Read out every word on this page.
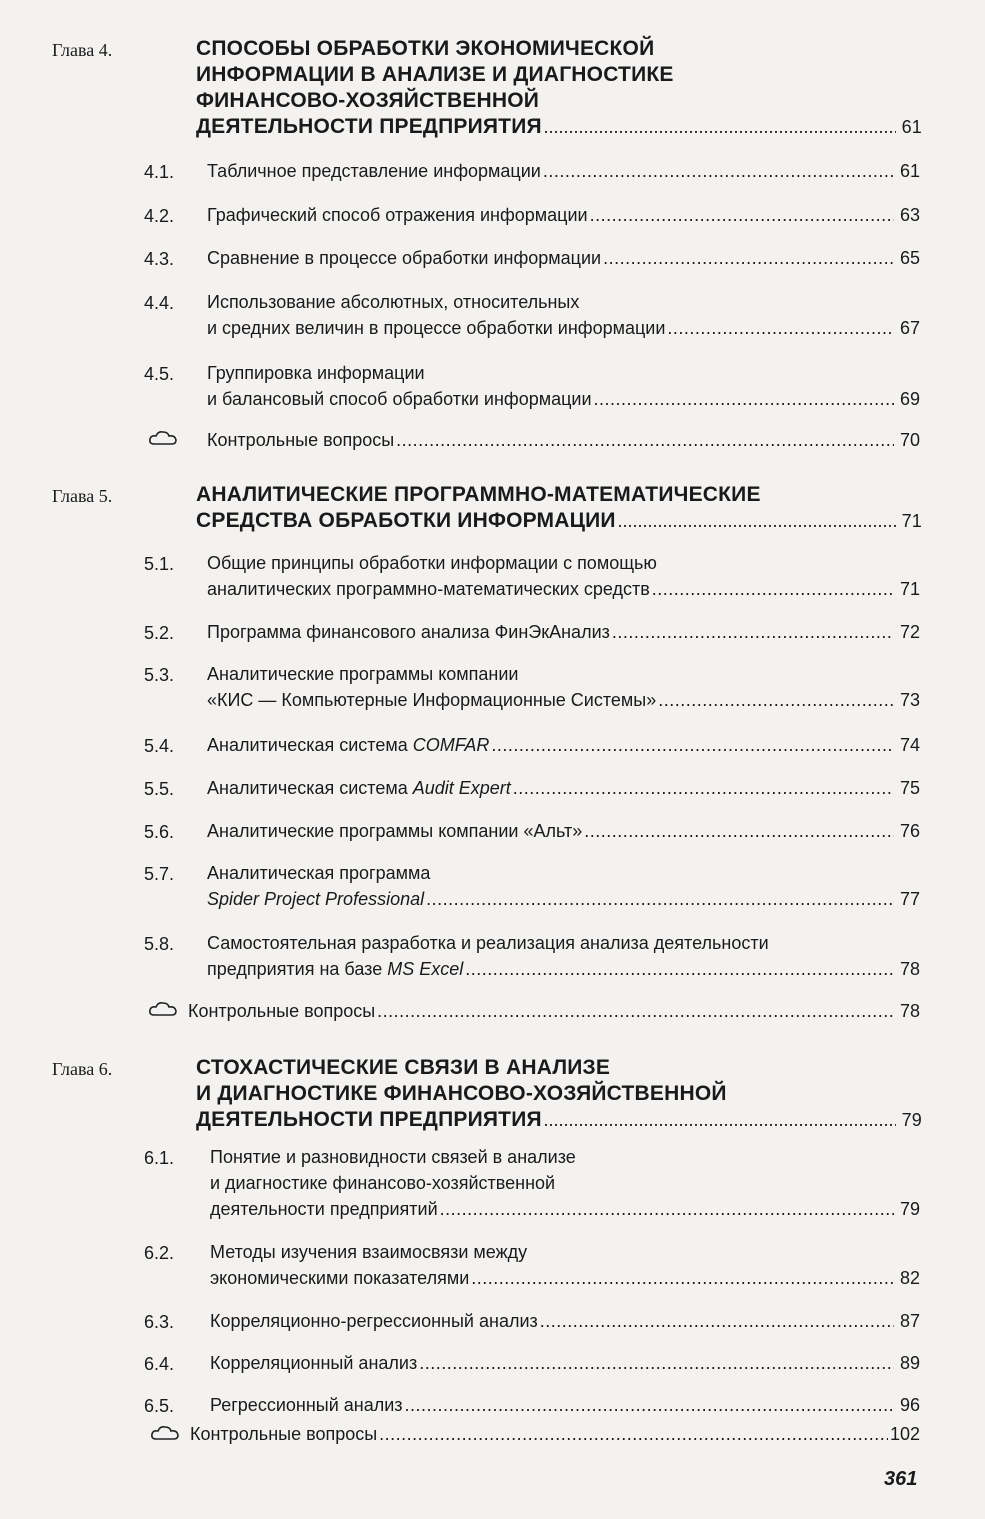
Глава 4.	СПОСОБЫ ОБРАБОТКИ ЭКОНОМИЧЕСКОЙ
ИНФОРМАЦИИ В АНАЛИЗЕ И ДИАГНОСТИКЕ
ФИНАНСОВО-ХОЗЯЙСТВЕННОЙ
ДЕЯТЕЛЬНОСТИ ПРЕДПРИЯТИЯ .....	61
4.1. Табличное представление информации .....	61
4.2. Графический способ отражения информации .....	63
4.3. Сравнение в процессе обработки информации .....	65
4.4. Использование абсолютных, относительных
и средних величин в процессе обработки информации .....	67
4.5. Группировка информации
и балансовый способ обработки информации .....	69
Контрольные вопросы .....	70
Глава 5.	АНАЛИТИЧЕСКИЕ ПРОГРАММНО-МАТЕМАТИЧЕСКИЕ
СРЕДСТВА ОБРАБОТКИ ИНФОРМАЦИИ .....	71
5.1. Общие принципы обработки информации с помощью
аналитических программно-математических средств .....	71
5.2. Программа финансового анализа ФинЭкАнализ .....	72
5.3. Аналитические программы компании
«КИС — Компьютерные Информационные Системы» .....	73
5.4. Аналитическая система COMFAR .....	74
5.5. Аналитическая система Audit Expert .....	75
5.6. Аналитические программы компании «Альт» .....	76
5.7. Аналитическая программа
Spider Project Professional .....	77
5.8. Самостоятельная разработка и реализация анализа деятельности
предприятия на базе MS Excel .....	78
Контрольные вопросы .....	78
Глава 6.	СТОХАСТИЧЕСКИЕ СВЯЗИ В АНАЛИЗЕ
И ДИАГНОСТИКЕ ФИНАНСОВО-ХОЗЯЙСТВЕННОЙ
ДЕЯТЕЛЬНОСТИ ПРЕДПРИЯТИЯ .....	79
6.1. Понятие и разновидности связей в анализе
и диагностике финансово-хозяйственной
деятельности предприятий .....	79
6.2. Методы изучения взаимосвязи между
экономическими показателями .....	82
6.3. Корреляционно-регрессионный анализ .....	87
6.4. Корреляционный анализ .....	89
6.5. Регрессионный анализ .....	96
Контрольные вопросы .....	102
361
